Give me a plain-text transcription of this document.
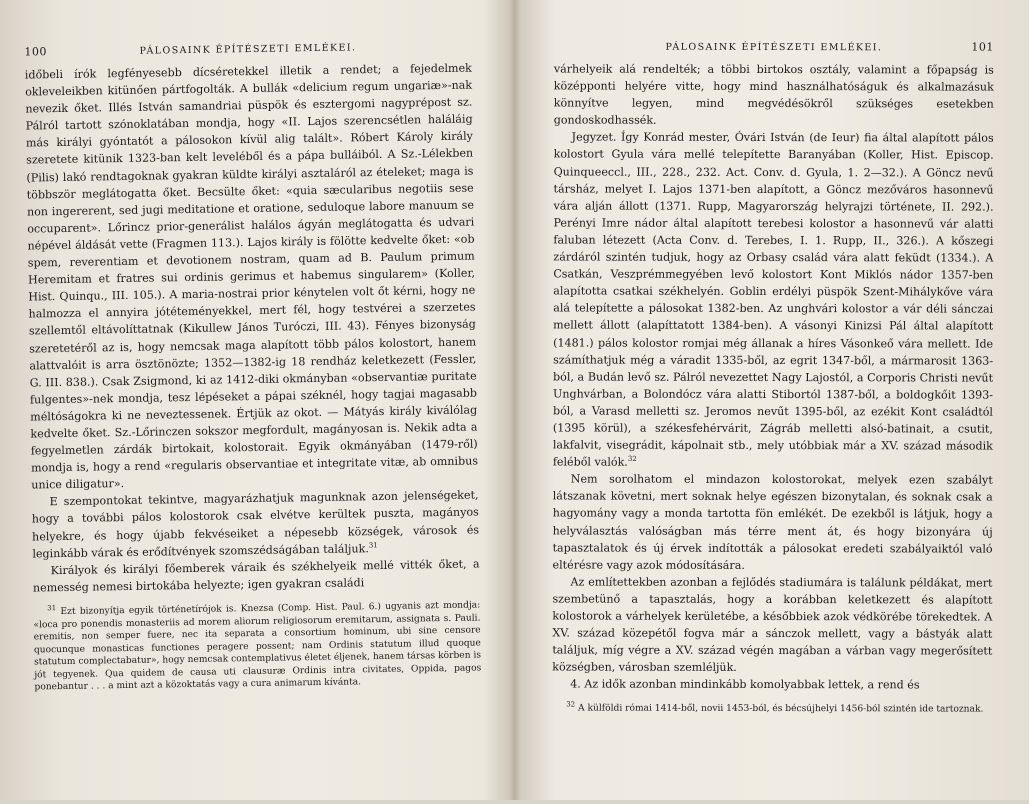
100	PÁLOSAINK ÉPÍTÉSZETI EMLÉKEI.

időbeli írók legfényesebb dícséretekkel illetik a rendet; a fejedelmek okleveleikben kitünően pártfogolták. A bullák «delicium regum ungariæ»-nak nevezik őket. Illés István samandriai püspök és esztergomi nagyprépost sz. Pálról tartott szónoklatában mondja, hogy «II. Lajos szerencsétlen haláláig más királyi gyóntatót a pálosokon kívül alig talált». Róbert Károly király szeretete kitünik 1323-ban kelt leveléből és a pápa bulláiból. A Sz.-Lélekben (Pilis) lakó rendtagoknak gyakran küldte királyi asztaláról az ételeket; maga is többször meglátogatta őket. Becsülte őket: «quia sæcularibus negotiis sese non ingererent, sed jugi meditatione et oratione, seduloque labore manuum se occuparent». Lőrincz prior-generálist halálos ágyán meglátogatta és udvari népével áldását vette (Fragmen 113.). Lajos király is fölötte kedvelte őket: «ob spem, reverentiam et devotionem nostram, quam ad B. Paulum primum Heremitam et fratres sui ordinis gerimus et habemus singularem» (Koller, Hist. Quinqu., III. 105.). A maria-nostrai prior kénytelen volt őt kérni, hogy ne halmozza el annyira jótéteményekkel, mert fél, hogy testvérei a szerzetes szellemtől eltávolíttatnak (Kikullew János Turóczi, III. 43). Fényes bizonyság szeretetéről az is, hogy nemcsak maga alapított több pálos kolostort, hanem alattvalóit is arra ösztönözte; 1352—1382-ig 18 rendház keletkezett (Fessler, G. III. 838.). Csak Zsigmond, ki az 1412-diki okmányban «observantiæ puritate fulgentes»-nek mondja, tesz lépéseket a pápai széknél, hogy tagjai magasabb méltóságokra ki ne neveztessenek. Értjük az okot. — Mátyás király kiválólag kedvelte őket. Sz.-Lőrinczen sokszor megfordult, magányosan is. Nekik adta a fegyelmetlen zárdák birtokait, kolostorait. Egyik okmányában (1479-ről) mondja is, hogy a rend «regularis observantiae et integritate vitæ, ab omnibus unice diligatur».

E szempontokat tekintve, magyarázhatjuk magunknak azon jelenségeket, hogy a további pálos kolostorok csak elvétve kerültek puszta, magányos helyekre, és hogy újabb fekvéseiket a népesebb községek, városok és leginkább várak és erődítvények szomszédságában találjuk.$^{31}$

Királyok és királyi főemberek váraik és székhelyeik mellé vitték őket, a nemesség nemesi birtokába helyezte; igen gyakran családi

$^{31}$ Ezt bizonyítja egyik történetírójok is. Knezsa (Comp. Hist. Paul. 6.) ugyanis azt mondja: «loca pro ponendis monasteriis ad morem aliorum religiosorum eremitarum, assignata s. Pauli. eremitis, non semper fuere, nec ita separata a consortium hominum, ubi sine censore quocunque monasticas functiones peragere possent; nam Ordinis statutum illud quoque statutum complectabatur», hogy nemcsak contemplativus életet éljenek, hanem társas körben is jót tegyenek. Qua quidem de causa uti clausuræ Ordinis intra civitates, Oppida, pagos ponebantur . . . a mint azt a közoktatás vagy a cura animarum kívánta.

PÁLOSAINK ÉPÍTÉSZETI EMLÉKEI.	101

várhelyeik alá rendelték; a többi birtokos osztály, valamint a főpapság is középponti helyére vitte, hogy mind használhatóságuk és alkalmazásuk könnyítve legyen, mind megvédésökről szükséges esetekben gondoskodhassék.

Jegyzet. Így Konrád mester, Óvári István (de Ieur) fia által alapított pálos kolostort Gyula vára mellé telepítette Baranyában (Koller, Hist. Episcop. Quinqueeccl., III., 228., 232. Act. Conv. d. Gyula, 1. 2—32.). A Göncz nevű társház, melyet I. Lajos 1371-ben alapított, a Göncz mezőváros hasonnevű vára alján állott (1371. Rupp, Magyarország helyrajzi története, II. 292.). Perényi Imre nádor által alapított terebesi kolostor a hasonnevű vár alatti faluban létezett (Acta Conv. d. Terebes, I. 1. Rupp, II., 326.). A kőszegi zárdáról szintén tudjuk, hogy az Orbasy család vára alatt feküdt (1334.). A Csatkán, Veszprémmegyében levő kolostort Kont Miklós nádor 1357-ben alapította csatkai székhelyén. Goblin erdélyi püspök Szent-Mihálykőve vára alá telepítette a pálosokat 1382-ben. Az unghvári kolostor a vár déli sánczai mellett állott (alapíttatott 1384-ben). A vásonyi Kinizsi Pál által alapított (1481.) pálos kolostor romjai még állanak a híres Vásonkeő vára mellett. Ide számíthatjuk még a váradit 1335-ből, az egrit 1347-ből, a mármarosit 1363-ból, a Budán levő sz. Pálról nevezettet Nagy Lajostól, a Corporis Christi nevűt Unghvárban, a Bolondócz vára alatti Stibortól 1387-ből, a boldogkőit 1393-ból, a Varasd melletti sz. Jeromos nevűt 1395-ből, az ezékit Kont családtól (1395 körül), a székesfehérvárit, Zágráb melletti alsó-batinait, a csutit, lakfalvit, visegrádit, kápolnait stb., mely utóbbiak már a XV. század második feléből valók.$^{32}$

Nem sorolhatom el mindazon kolostorokat, melyek ezen szabályt látszanak követni, mert soknak helye egészen bizonytalan, és soknak csak a hagyomány vagy a monda tartotta fön emlékét. De ezekből is látjuk, hogy a helyválasztás valóságban más térre ment át, és hogy bizonyára új tapasztalatok és új érvek indították a pálosokat eredeti szabályaiktól való eltérésre vagy azok módosítására.

Az említettekben azonban a fejlődés stadiumára is találunk példákat, mert szembetünő a tapasztalás, hogy a korábban keletkezett és alapított kolostorok a várhelyek kerületébe, a későbbiek azok védkörébe törekedtek. A XV. század közepétől fogva már a sánczok mellett, vagy a bástyák alatt találjuk, míg végre a XV. század végén magában a várban vagy megerősített községben, városban szemléljük.

4. Az idők azonban mindinkább komolyabbak lettek, a rend és

$^{32}$ A külföldi római 1414-ből, novii 1453-ból, és bécsújhelyi 1456-ból szintén ide tartoznak.
